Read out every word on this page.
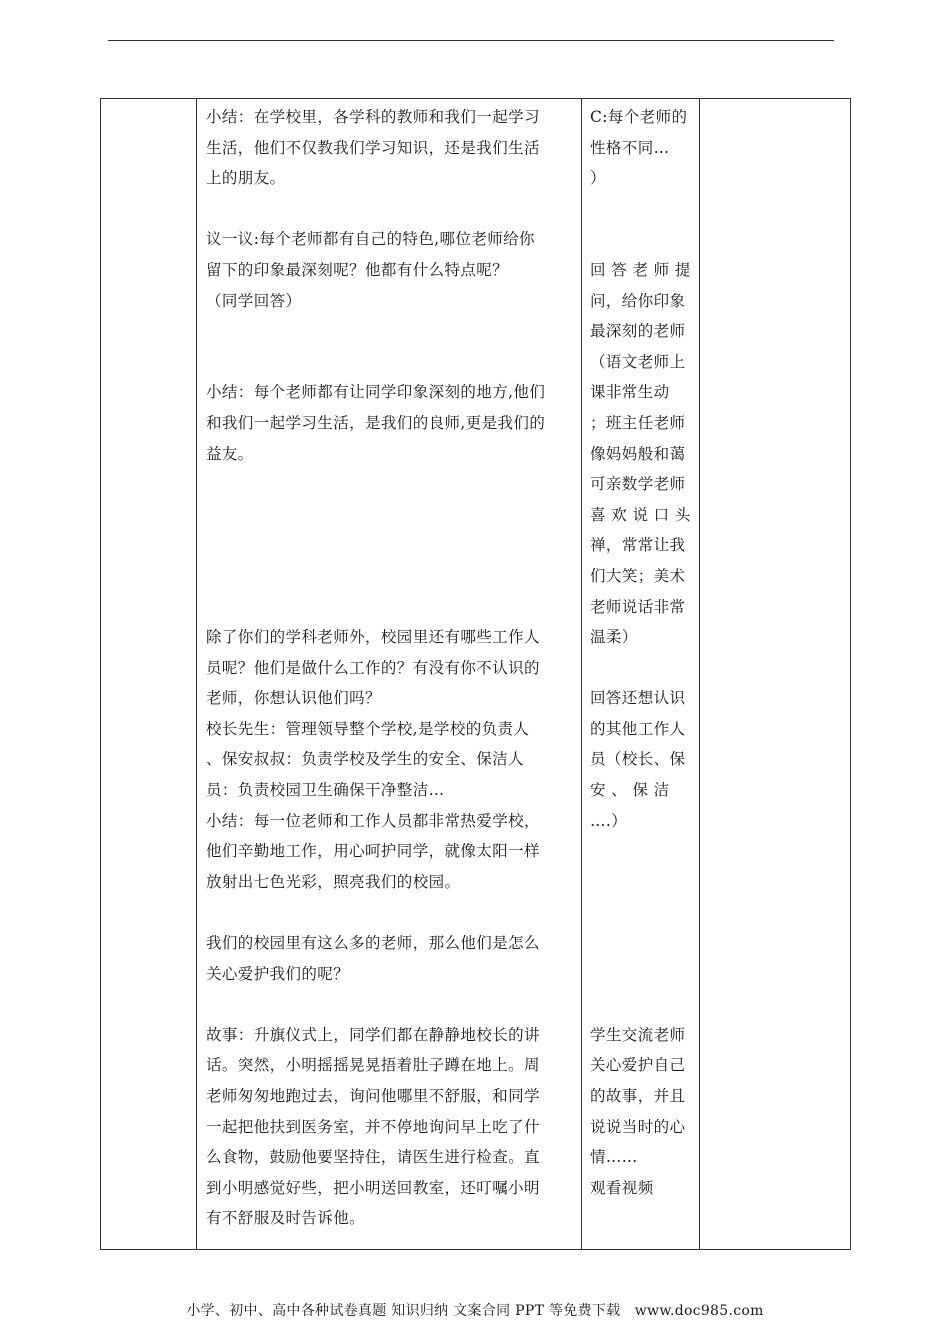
小结：在学校里，各学科的教师和我们一起学习
生活，他们不仅教我们学习知识，还是我们生活
上的朋友。

议一议:每个老师都有自己的特色,哪位老师给你
留下的印象最深刻呢？他都有什么特点呢？
（同学回答）

小结：每个老师都有让同学印象深刻的地方,他们
和我们一起学习生活，是我们的良师,更是我们的
益友。

除了你们的学科老师外，校园里还有哪些工作人
员呢？他们是做什么工作的？有没有你不认识的
老师，你想认识他们吗？
校长先生：管理领导整个学校,是学校的负责人
、保安叔叔：负责学校及学生的安全、保洁人
员：负责校园卫生确保干净整洁…
小结：每一位老师和工作人员都非常热爱学校，
他们辛勤地工作，用心呵护同学，就像太阳一样
放射出七色光彩，照亮我们的校园。

我们的校园里有这么多的老师，那么他们是怎么
关心爱护我们的呢？

故事：升旗仪式上，同学们都在静静地校长的讲
话。突然，小明摇摇晃晃捂着肚子蹲在地上。周
老师匆匆地跑过去，询问他哪里不舒服，和同学
一起把他扶到医务室，并不停地询问早上吃了什
么食物，鼓励他要坚持住，请医生进行检查。直
到小明感觉好些，把小明送回教室，还叮嘱小明
有不舒服及时告诉他。
C:每个老师的
性格不同…
）

回 答 老 师 提
问，给你印象
最深刻的老师
（语文老师上
课非常生动
；班主任老师
像妈妈般和蔼
可亲数学老师
喜 欢 说 口 头
禅，常常让我
们大笑；美术
老师说话非常
温柔）

回答还想认识
的其他工作人
员（校长、保
安 、 保 洁
….）

学生交流老师
关心爱护自己
的故事，并且
说说当时的心
情……
观看视频
小学、初中、高中各种试卷真题 知识归纳 文案合同 PPT 等免费下载   www.doc985.com
